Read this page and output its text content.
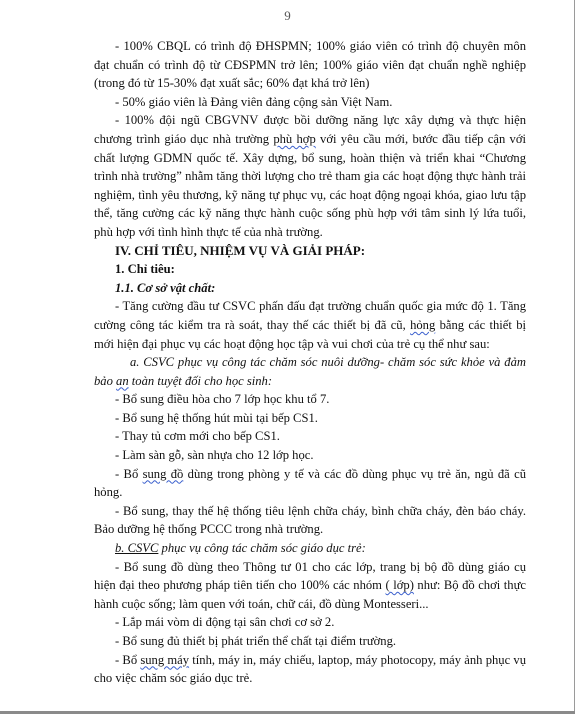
9

- 100% CBQL có trình độ ĐHSPMN; 100% giáo viên có trình độ chuyên môn đạt chuẩn có trình độ từ CĐSPMN trở lên; 100% giáo viên đạt chuẩn nghề nghiệp (trong đó từ 15-30% đạt xuất sắc; 60% đạt khá trở lên)

- 50% giáo viên là Đảng viên đảng cộng sản Việt Nam.

- 100% đội ngũ CBGVNV được bồi dưỡng năng lực xây dựng và thực hiện chương trình giáo dục nhà trường phù hợp với yêu cầu mới, bước đầu tiếp cận với chất lượng GDMN quốc tế. Xây dựng, bổ sung, hoàn thiện và triển khai “Chương trình nhà trường” nhằm tăng thời lượng cho trẻ tham gia các hoạt động thực hành trải nghiệm, tình yêu thương, kỹ năng tự phục vụ, các hoạt động ngoại khóa, giao lưu tập thể, tăng cường các kỹ năng thực hành cuộc sống phù hợp với tâm sinh lý lứa tuổi, phù hợp với tình hình thực tế của nhà trường.

IV. CHỈ TIÊU, NHIỆM VỤ VÀ GIẢI PHÁP:

1. Chỉ tiêu:

1.1. Cơ sở vật chất:

- Tăng cường đầu tư CSVC phấn đấu đạt trường chuẩn quốc gia mức độ 1. Tăng cường công tác kiểm tra rà soát, thay thế các thiết bị đã cũ, hỏng bằng các thiết bị mới hiện đại phục vụ các hoạt động học tập và vui chơi của trẻ cụ thể như sau:

a. CSVC phục vụ công tác chăm sóc nuôi dưỡng- chăm sóc sức khỏe và đảm bảo an toàn tuyệt đối cho học sinh:

- Bổ sung điều hòa cho 7 lớp học khu tổ 7.

- Bổ sung hệ thống hút mùi tại bếp CS1.

- Thay tủ cơm mới cho bếp CS1.

- Làm sàn gỗ, sàn nhựa cho 12 lớp học.

- Bổ sung đồ dùng trong phòng y tế và các đồ dùng phục vụ trẻ ăn, ngủ đã cũ hỏng.

- Bổ sung, thay thế hệ thống tiêu lệnh chữa cháy, bình chữa cháy, đèn báo cháy. Bảo dưỡng hệ thống PCCC trong nhà trường.

b. CSVC phục vụ công tác chăm sóc giáo dục trẻ:

- Bổ sung đồ dùng theo Thông tư 01 cho các lớp, trang bị bộ đồ dùng giáo cụ hiện đại theo phương pháp tiên tiến cho 100% các nhóm ( lớp) như: Bộ đồ chơi thực hành cuộc sống; làm quen với toán, chữ cái, đồ dùng Montesseri...

- Lắp mái vòm di động tại sân chơi cơ sở 2.

- Bổ sung đủ thiết bị phát triển thể chất tại điểm trường.

- Bổ sung máy tính, máy in, máy chiếu, laptop, máy photocopy, máy ảnh phục vụ cho việc chăm sóc giáo dục trẻ.
